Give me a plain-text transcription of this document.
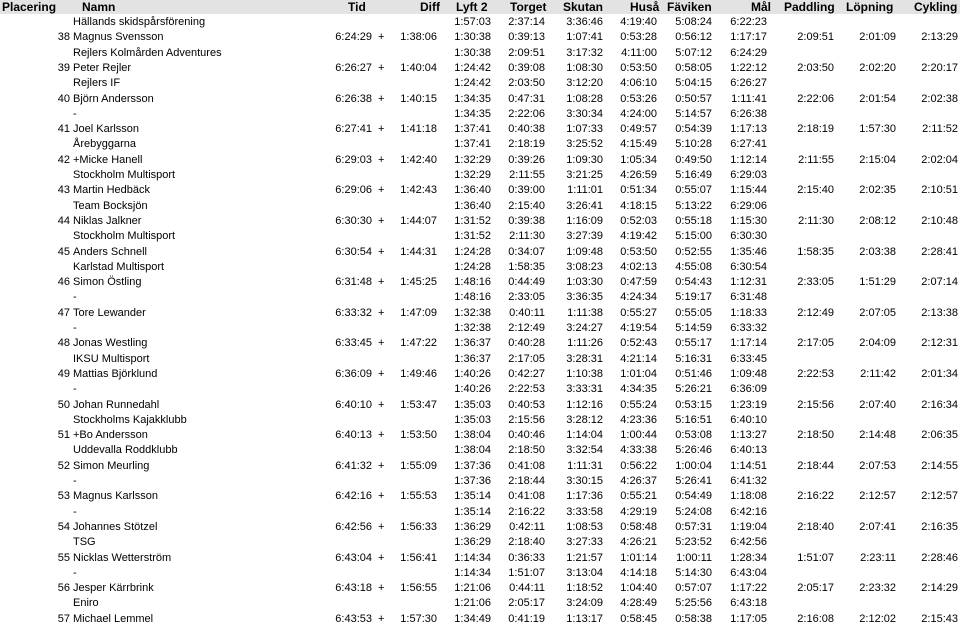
Placering Namn	Tid	Diff Lyft 2 Torget Skutan Huså Fäviken	Mål Paddling Löpning Cykling
Hällands skidspårsförening	1:57:03 2:37:14 3:36:46 4:19:40 5:08:24 6:22:23
38 Magnus Svensson	6:24:29 + 1:38:06 1:30:38 0:39:13 1:07:41 0:53:28 0:56:12 1:17:17	2:09:51 2:01:09 2:13:29
Rejlers Kolmården Adventures	1:30:38 2:09:51 3:17:32 4:11:00 5:07:12 6:24:29
39 Peter Rejler	6:26:27 + 1:40:04 1:24:42 0:39:08 1:08:30 0:53:50 0:58:05 1:22:12	2:03:50 2:02:20 2:20:17
Rejlers IF	1:24:42 2:03:50 3:12:20 4:06:10 5:04:15 6:26:27
40 Björn Andersson	6:26:38 + 1:40:15 1:34:35 0:47:31 1:08:28 0:53:26 0:50:57 1:11:41	2:22:06 2:01:54 2:02:38
-	1:34:35 2:22:06 3:30:34 4:24:00 5:14:57 6:26:38
41 Joel Karlsson	6:27:41 + 1:41:18 1:37:41 0:40:38 1:07:33 0:49:57 0:54:39 1:17:13	2:18:19 1:57:30 2:11:52
Årebyggarna	1:37:41 2:18:19 3:25:52 4:15:49 5:10:28 6:27:41
42 +Micke Hanell	6:29:03 + 1:42:40 1:32:29 0:39:26 1:09:30 1:05:34 0:49:50 1:12:14	2:11:55 2:15:04 2:02:04
Stockholm Multisport	1:32:29 2:11:55 3:21:25 4:26:59 5:16:49 6:29:03
43 Martin Hedbäck	6:29:06 + 1:42:43 1:36:40 0:39:00 1:11:01 0:51:34 0:55:07 1:15:44	2:15:40 2:02:35 2:10:51
Team Bocksjön	1:36:40 2:15:40 3:26:41 4:18:15 5:13:22 6:29:06
44 Niklas Jalkner	6:30:30 + 1:44:07 1:31:52 0:39:38 1:16:09 0:52:03 0:55:18 1:15:30	2:11:30 2:08:12 2:10:48
Stockholm Multisport	1:31:52 2:11:30 3:27:39 4:19:42 5:15:00 6:30:30
45 Anders Schnell	6:30:54 + 1:44:31 1:24:28 0:34:07 1:09:48 0:53:50 0:52:55 1:35:46	1:58:35 2:03:38 2:28:41
Karlstad Multisport	1:24:28 1:58:35 3:08:23 4:02:13 4:55:08 6:30:54
46 Simon Östling	6:31:48 + 1:45:25 1:48:16 0:44:49 1:03:30 0:47:59 0:54:43 1:12:31	2:33:05 1:51:29 2:07:14
-	1:48:16 2:33:05 3:36:35 4:24:34 5:19:17 6:31:48
47 Tore Lewander	6:33:32 + 1:47:09 1:32:38 0:40:11 1:11:38 0:55:27 0:55:05 1:18:33	2:12:49 2:07:05 2:13:38
-	1:32:38 2:12:49 3:24:27 4:19:54 5:14:59 6:33:32
48 Jonas Westling	6:33:45 + 1:47:22 1:36:37 0:40:28 1:11:26 0:52:43 0:55:17 1:17:14	2:17:05 2:04:09 2:12:31
IKSU Multisport	1:36:37 2:17:05 3:28:31 4:21:14 5:16:31 6:33:45
49 Mattias Björklund	6:36:09 + 1:49:46 1:40:26 0:42:27 1:10:38 1:01:04 0:51:46 1:09:48	2:22:53 2:11:42 2:01:34
-	1:40:26 2:22:53 3:33:31 4:34:35 5:26:21 6:36:09
50 Johan Runnedahl	6:40:10 + 1:53:47 1:35:03 0:40:53 1:12:16 0:55:24 0:53:15 1:23:19	2:15:56 2:07:40 2:16:34
Stockholms Kajakklubb	1:35:03 2:15:56 3:28:12 4:23:36 5:16:51 6:40:10
51 +Bo Andersson	6:40:13 + 1:53:50 1:38:04 0:40:46 1:14:04 1:00:44 0:53:08 1:13:27	2:18:50 2:14:48 2:06:35
Uddevalla Roddklubb	1:38:04 2:18:50 3:32:54 4:33:38 5:26:46 6:40:13
52 Simon Meurling	6:41:32 + 1:55:09 1:37:36 0:41:08 1:11:31 0:56:22 1:00:04 1:14:51	2:18:44 2:07:53 2:14:55
-	1:37:36 2:18:44 3:30:15 4:26:37 5:26:41 6:41:32
53 Magnus Karlsson	6:42:16 + 1:55:53 1:35:14 0:41:08 1:17:36 0:55:21 0:54:49 1:18:08	2:16:22 2:12:57 2:12:57
-	1:35:14 2:16:22 3:33:58 4:29:19 5:24:08 6:42:16
54 Johannes Stötzel	6:42:56 + 1:56:33 1:36:29 0:42:11 1:08:53 0:58:48 0:57:31 1:19:04	2:18:40 2:07:41 2:16:35
TSG	1:36:29 2:18:40 3:27:33 4:26:21 5:23:52 6:42:56
55 Nicklas Wetterström	6:43:04 + 1:56:41 1:14:34 0:36:33 1:21:57 1:01:14 1:00:11 1:28:34	1:51:07 2:23:11 2:28:46
-	1:14:34 1:51:07 3:13:04 4:14:18 5:14:30 6:43:04
56 Jesper Kärrbrink	6:43:18 + 1:56:55 1:21:06 0:44:11 1:18:52 1:04:40 0:57:07 1:17:22	2:05:17 2:23:32 2:14:29
Eniro	1:21:06 2:05:17 3:24:09 4:28:49 5:25:56 6:43:18
57 Michael Lemmel	6:43:53 + 1:57:30 1:34:49 0:41:19 1:13:17 0:58:45 0:58:38 1:17:05	2:16:08 2:12:02 2:15:43
